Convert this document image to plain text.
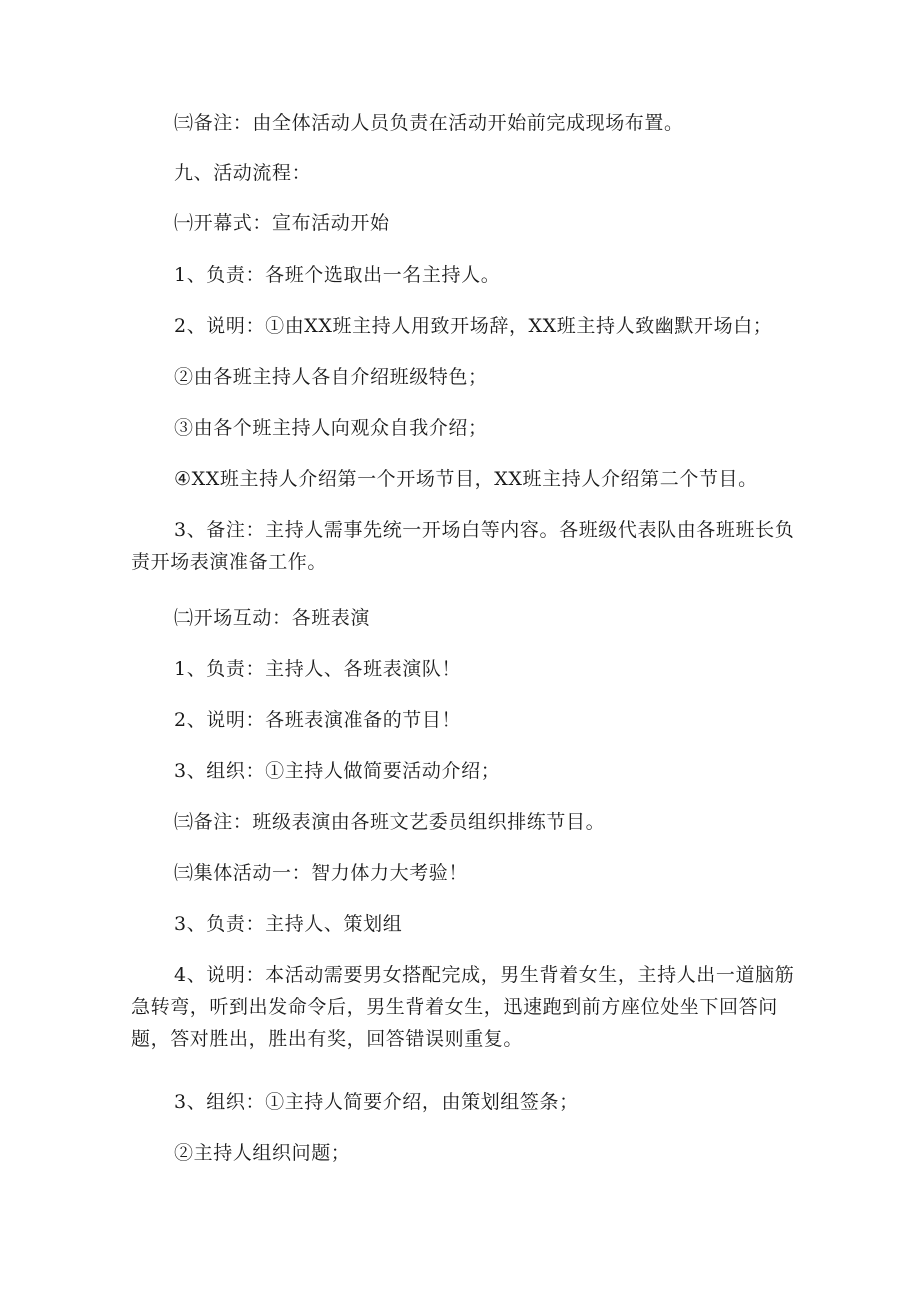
㈢备注：由全体活动人员负责在活动开始前完成现场布置。

九、活动流程：

㈠开幕式：宣布活动开始

1、负责：各班个选取出一名主持人。

2、说明：①由XX班主持人用致开场辞，XX班主持人致幽默开场白；

②由各班主持人各自介绍班级特色；

③由各个班主持人向观众自我介绍；

④XX班主持人介绍第一个开场节目，XX班主持人介绍第二个节目。

3、备注：主持人需事先统一开场白等内容。各班级代表队由各班班长负责开场表演准备工作。

㈡开场互动：各班表演

1、负责：主持人、各班表演队！

2、说明：各班表演准备的节目！

3、组织：①主持人做简要活动介绍；

㈢备注：班级表演由各班文艺委员组织排练节目。

㈢集体活动一：智力体力大考验！

3、负责：主持人、策划组

4、说明：本活动需要男女搭配完成，男生背着女生，主持人出一道脑筋急转弯，听到出发命令后，男生背着女生，迅速跑到前方座位处坐下回答问题，答对胜出，胜出有奖，回答错误则重复。

3、组织：①主持人简要介绍，由策划组签条；

②主持人组织问题；
